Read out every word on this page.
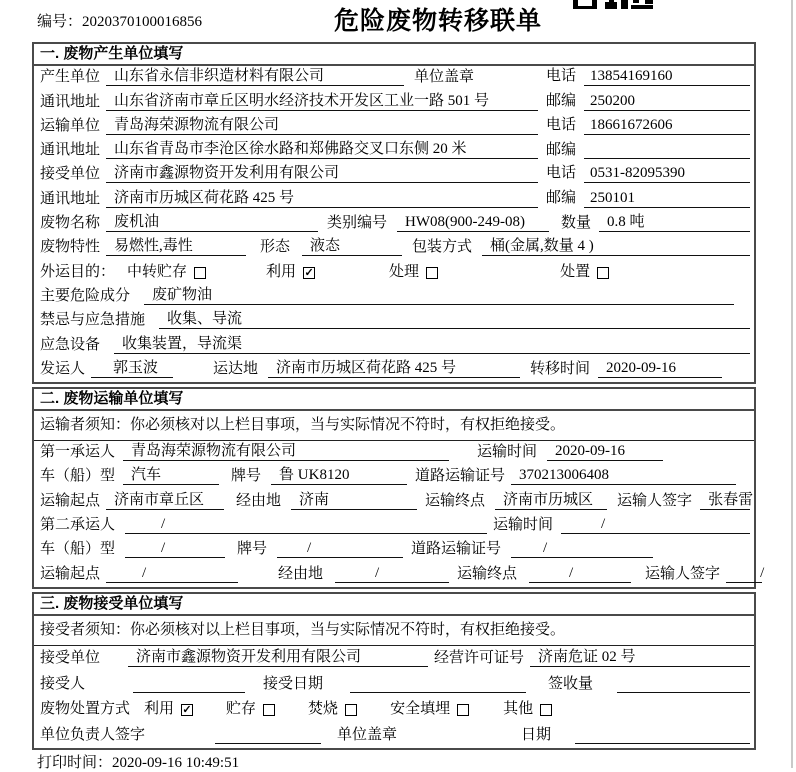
编号：2020370100016856	危险废物转移联单
一. 废物产生单位填写
产生单位 山东省永信非织造材料有限公司	单位盖章	电话 13854169160
通讯地址 山东省济南市章丘区明水经济技术开发区工业一路 501 号	邮编 250200
运输单位 青岛海荣源物流有限公司	电话 18661672606
通讯地址 山东省青岛市李沧区徐水路和郑佛路交叉口东侧 20 米	邮编
接受单位 济南市鑫源物资开发利用有限公司	电话 0531-82095390
通讯地址 济南市历城区荷花路 425 号	邮编 250101
废物名称 废机油	类别编号	HW08(900-249-08)	数量	0.8 吨
废物特性 易燃性,毒性	形态	液态	包装方式	桶(金属,数量 4 )
外运目的： 中转贮存	利用 ✓	处理	处置
主要危险成分	废矿物油
禁忌与应急措施	收集、导流
应急设备	收集装置，导流渠
发运人	郭玉波	运达地	济南市历城区荷花路 425 号	转移时间	2020-09-16
二. 废物运输单位填写
运输者须知：你必须核对以上栏目事项，当与实际情况不符时，有权拒绝接受。
第一承运人	青岛海荣源物流有限公司	运输时间	2020-09-16
车（船）型	汽车	牌号	鲁 UK8120	道路运输证号 370213006408
运输起点 济南市章丘区	经由地	济南	运输终点	济南市历城区	运输人签字	张春雷
第二承运人	/	运输时间	/
车（船）型	/	牌号	/	道路运输证号	/
运输起点	/	经由地	/	运输终点	/	运输人签字	/
三. 废物接受单位填写
接受者须知：你必须核对以上栏目事项，当与实际情况不符时，有权拒绝接受。
接受单位	济南市鑫源物资开发利用有限公司	经营许可证号 济南危证 02 号
接受人	接受日期	签收量
废物处置方式 利用 ✓ 贮存	焚烧	安全填埋	其他
单位负责人签字	单位盖章	日期
打印时间：2020-09-16 10:49:51
